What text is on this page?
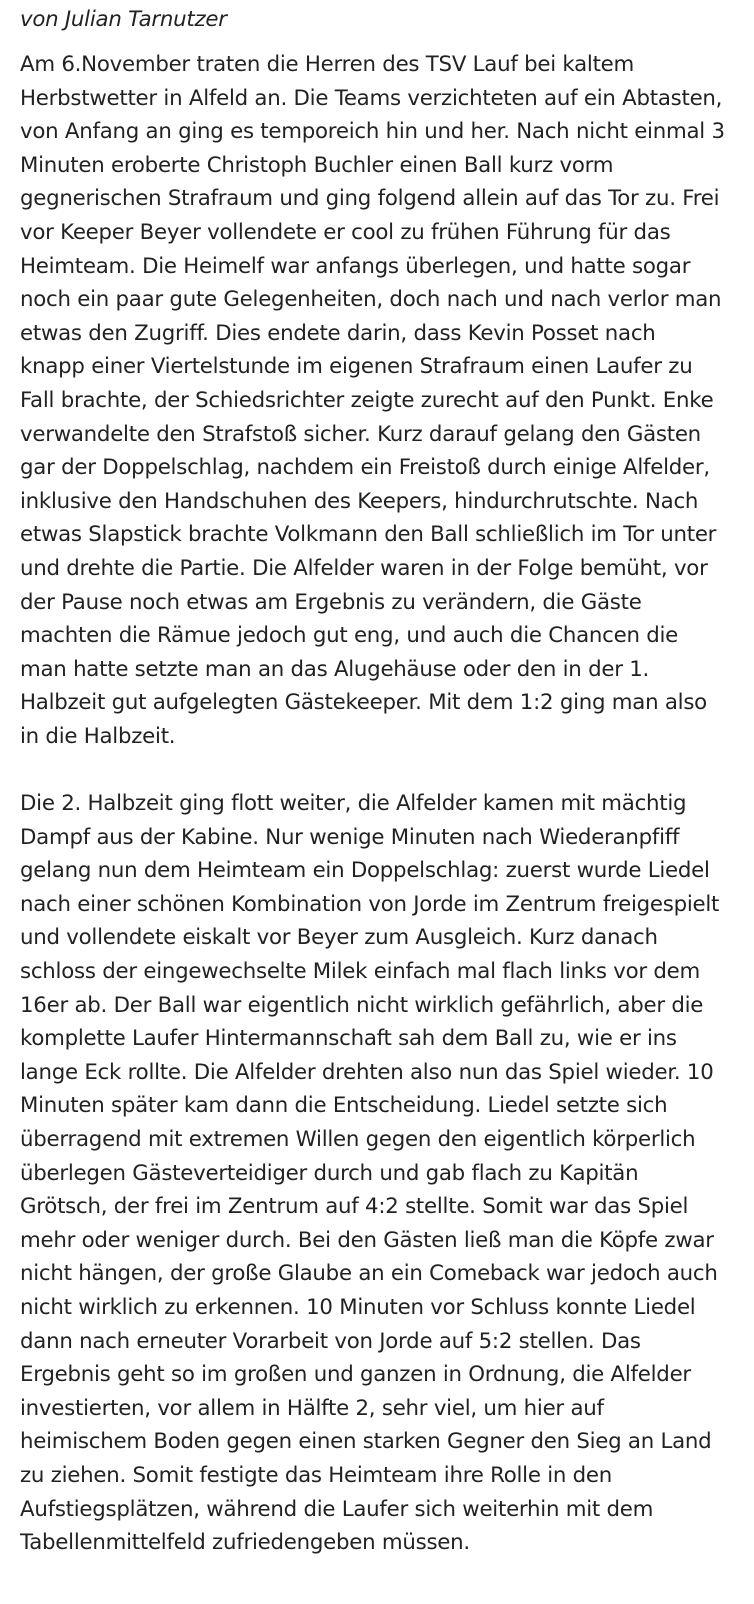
von Julian Tarnutzer

Am 6.November traten die Herren des TSV Lauf bei kaltem Herbstwetter in Alfeld an. Die Teams verzichteten auf ein Abtasten, von Anfang an ging es temporeich hin und her. Nach nicht einmal 3 Minuten eroberte Christoph Buchler einen Ball kurz vorm gegnerischen Strafraum und ging folgend allein auf das Tor zu. Frei vor Keeper Beyer vollendete er cool zu frühen Führung für das Heimteam. Die Heimelf war anfangs überlegen, und hatte sogar noch ein paar gute Gelegenheiten, doch nach und nach verlor man etwas den Zugriff. Dies endete darin, dass Kevin Posset nach knapp einer Viertelstunde im eigenen Strafraum einen Laufer zu Fall brachte, der Schiedsrichter zeigte zurecht auf den Punkt. Enke verwandelte den Strafstoß sicher. Kurz darauf gelang den Gästen gar der Doppelschlag, nachdem ein Freistoß durch einige Alfelder, inklusive den Handschuhen des Keepers, hindurchrutschte. Nach etwas Slapstick brachte Volkmann den Ball schließlich im Tor unter und drehte die Partie. Die Alfelder waren in der Folge bemüht, vor der Pause noch etwas am Ergebnis zu verändern, die Gäste machten die Rämue jedoch gut eng, und auch die Chancen die man hatte setzte man an das Alugehäuse oder den in der 1. Halbzeit gut aufgelegten Gästekeeper. Mit dem 1:2 ging man also in die Halbzeit.

Die 2. Halbzeit ging flott weiter, die Alfelder kamen mit mächtig Dampf aus der Kabine. Nur wenige Minuten nach Wiederanpfiff gelang nun dem Heimteam ein Doppelschlag: zuerst wurde Liedel nach einer schönen Kombination von Jorde im Zentrum freigespielt und vollendete eiskalt vor Beyer zum Ausgleich. Kurz danach schloss der eingewechselte Milek einfach mal flach links vor dem 16er ab. Der Ball war eigentlich nicht wirklich gefährlich, aber die komplette Laufer Hintermannschaft sah dem Ball zu, wie er ins lange Eck rollte. Die Alfelder drehten also nun das Spiel wieder. 10 Minuten später kam dann die Entscheidung. Liedel setzte sich überragend mit extremen Willen gegen den eigentlich körperlich überlegen Gästeverteidiger durch und gab flach zu Kapitän Grötsch, der frei im Zentrum auf 4:2 stellte. Somit war das Spiel mehr oder weniger durch. Bei den Gästen ließ man die Köpfe zwar nicht hängen, der große Glaube an ein Comeback war jedoch auch nicht wirklich zu erkennen. 10 Minuten vor Schluss konnte Liedel dann nach erneuter Vorarbeit von Jorde auf 5:2 stellen. Das Ergebnis geht so im großen und ganzen in Ordnung, die Alfelder investierten, vor allem in Hälfte 2, sehr viel, um hier auf heimischem Boden gegen einen starken Gegner den Sieg an Land zu ziehen. Somit festigte das Heimteam ihre Rolle in den Aufstiegsplätzen, während die Laufer sich weiterhin mit dem Tabellenmittelfeld zufriedengeben müssen.
